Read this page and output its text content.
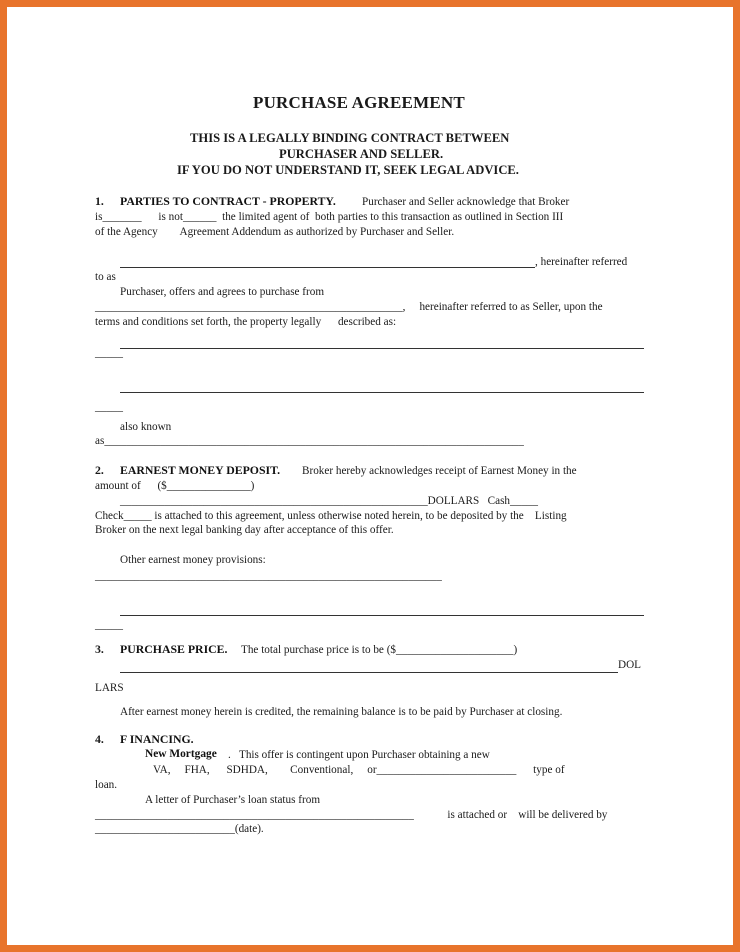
PURCHASE AGREEMENT
THIS IS A LEGALLY BINDING CONTRACT BETWEEN
PURCHASER AND SELLER.
IF YOU DO NOT UNDERSTAND IT, SEEK LEGAL ADVICE.
1. PARTIES TO CONTRACT - PROPERTY. Purchaser and Seller acknowledge that Broker
is_______      is not______  the limited agent of  both parties to this transaction as outlined in Section III
of the Agency        Agreement Addendum as authorized by Purchaser and Seller.
, hereinafter referred
to as
Purchaser, offers and agrees to purchase from
_______________________________________________________,     hereinafter referred to as Seller, upon the
terms and conditions set forth, the property legally      described as:
_____
_____
also known
as___________________________________________________________________________
2. EARNEST MONEY DEPOSIT. Broker hereby acknowledges receipt of Earnest Money in the
amount of      ($_______________)
_______________________________________________________DOLLARS   Cash_____
Check_____ is attached to this agreement, unless otherwise noted herein, to be deposited by the    Listing
Broker on the next legal banking day after acceptance of this offer.
Other earnest money provisions:
______________________________________________________________
_____
3. PURCHASE PRICE. The total purchase price is to be ($_____________________)
DOL
LARS
After earnest money herein is credited, the remaining balance is to be paid by Purchaser at closing.
4. F INANCING.
New Mortgage .   This offer is contingent upon Purchaser obtaining a new
VA,     FHA,      SDHDA,        Conventional,     or_________________________      type of
loan.
A letter of Purchaser’s loan status from
_________________________________________________________            is attached or    will be delivered by
_________________________(date).
